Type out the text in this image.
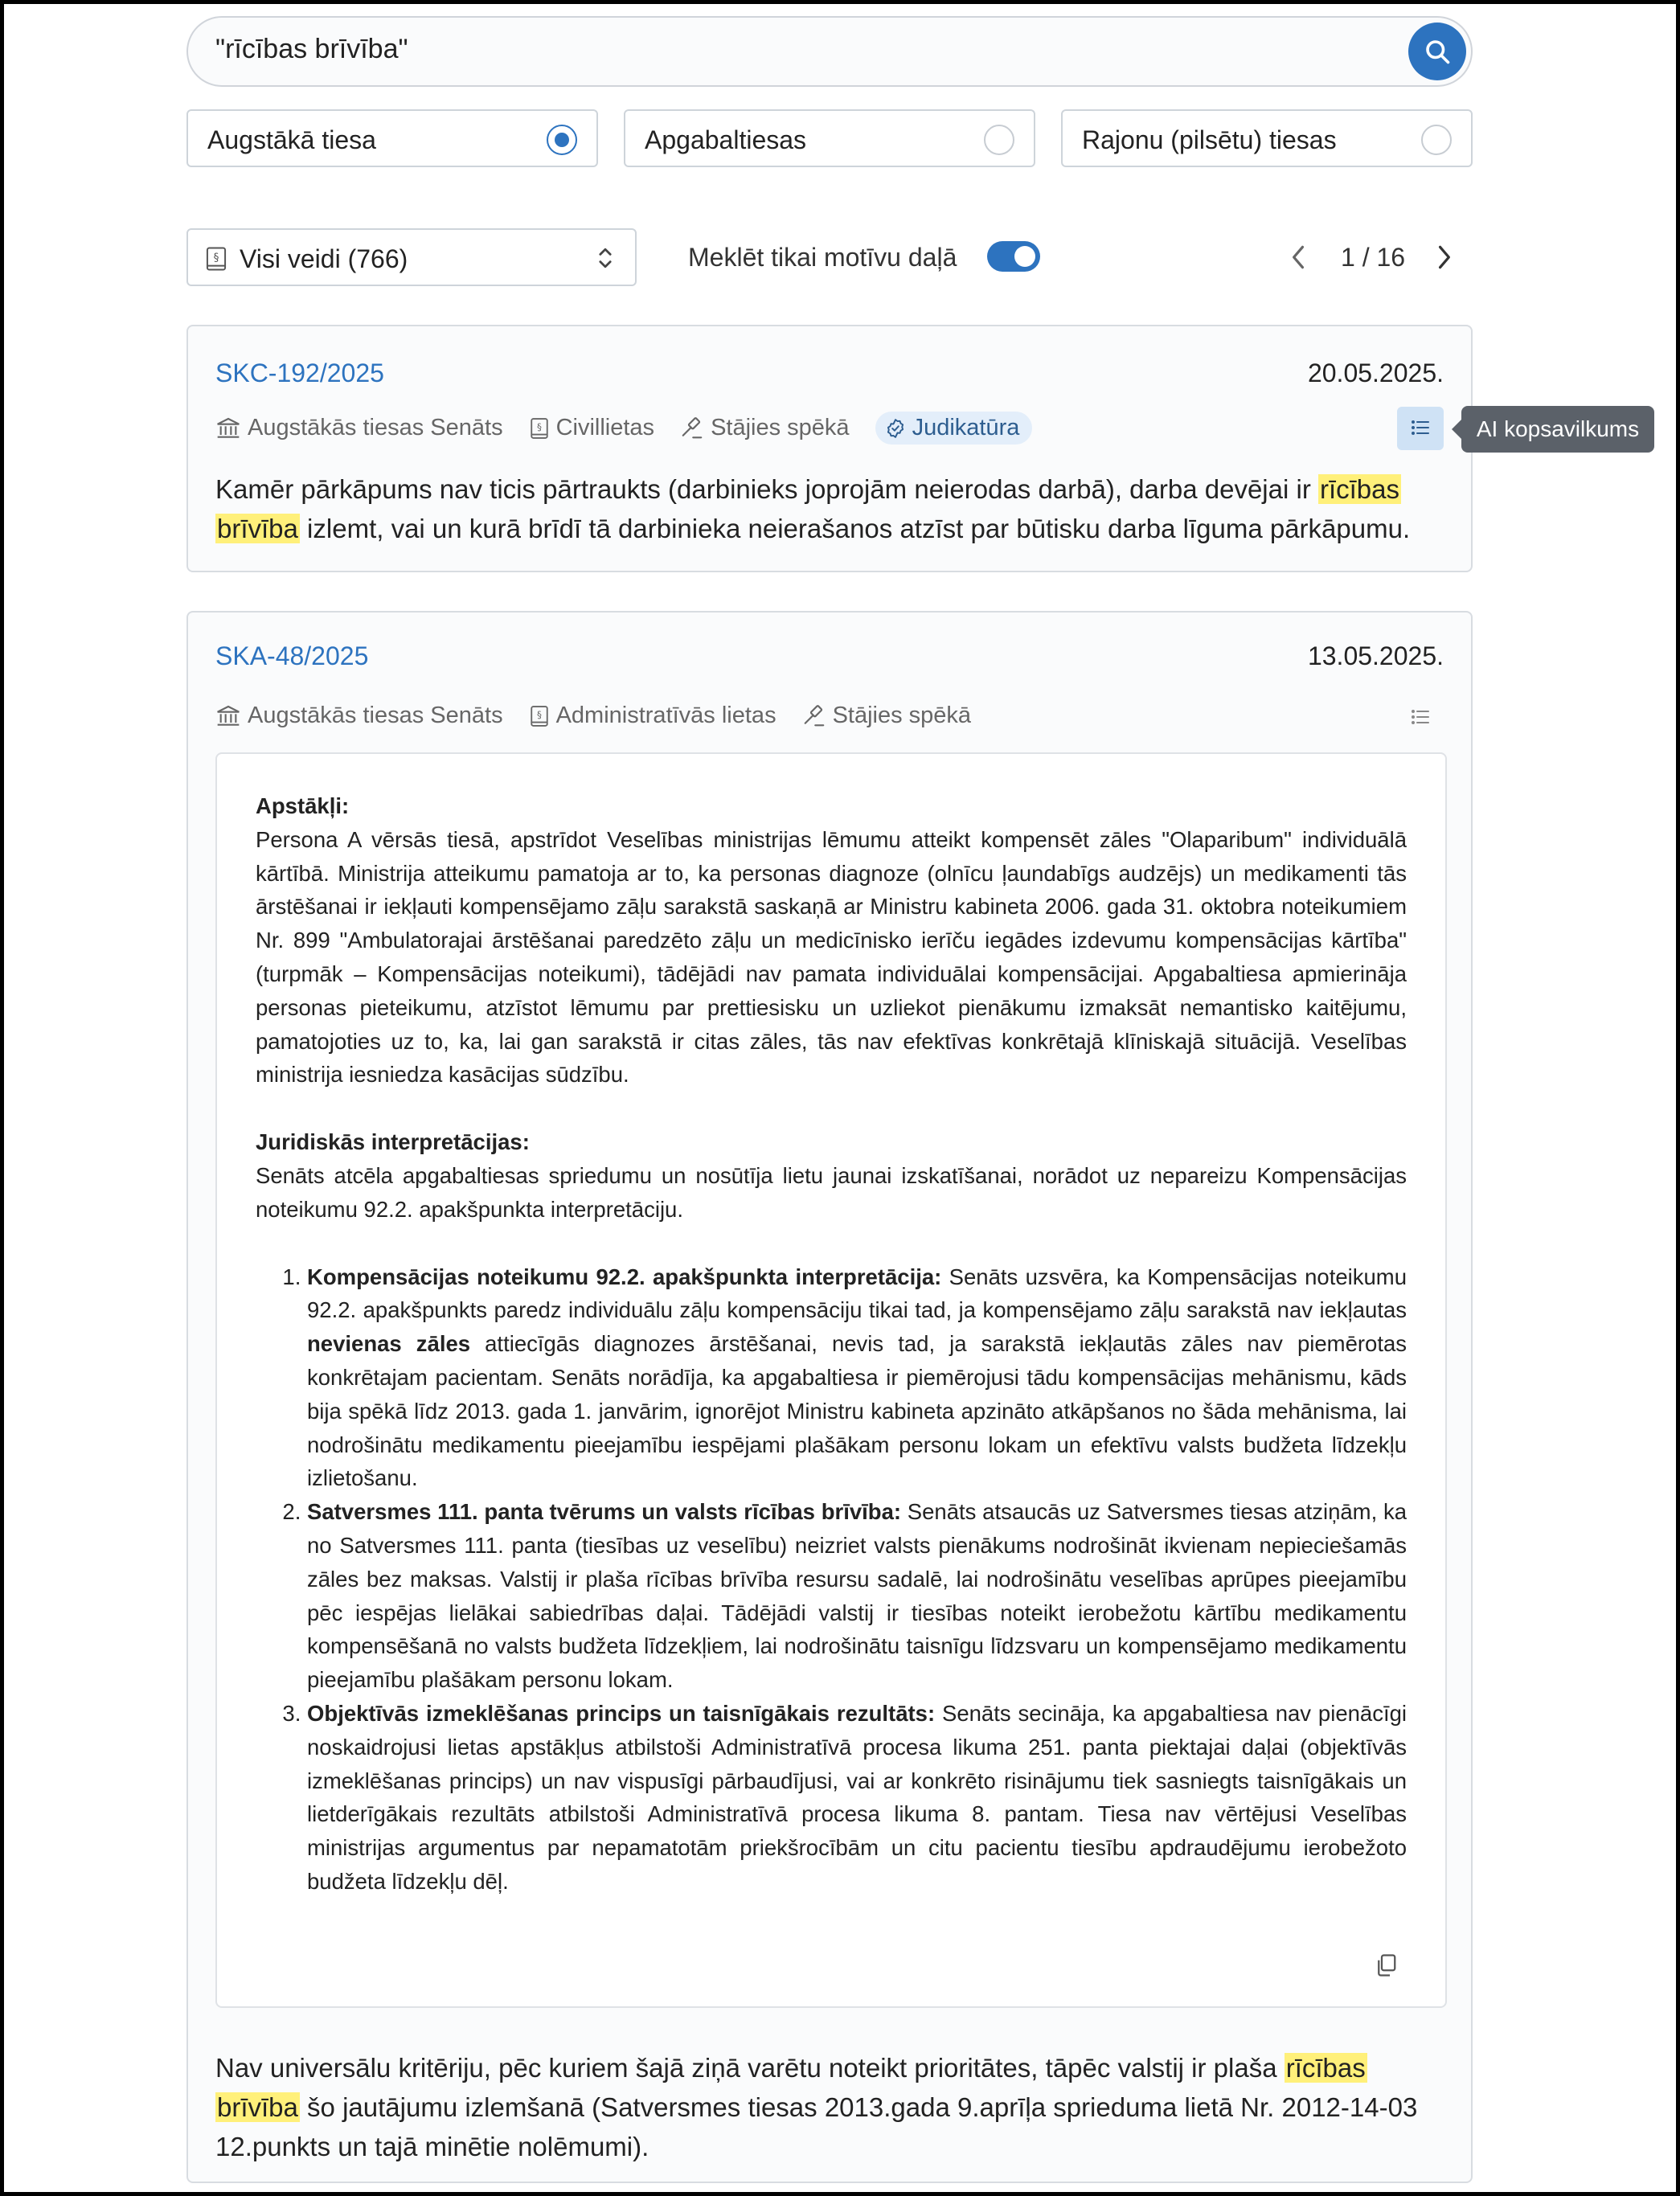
"rīcības brīvība"
Augstākā tiesa	Apgabaltiesas	Rajonu (pilsētu) tiesas
§ Visi veidi (766)	Meklēt tikai motīvu daļā	1 / 16
SKC-192/2025	20.05.2025.
Augstākās tiesas Senāts	§ Civillietas Stājies spēkā	Judikatūra
Kamēr pārkāpums nav ticis pārtraukts (darbinieks joprojām neierodas darbā), darba devējai ir rīcības brīvība izlemt, vai un kurā brīdī tā darbinieka neierašanos atzīst par būtisku darba līguma pārkāpumu.
AI kopsavilkums
SKA-48/2025	13.05.2025.
Augstākās tiesas Senāts	§ Administratīvās lietas Stājies spēkā

Apstākļi:

Persona A vērsās tiesā, apstrīdot Veselības ministrijas lēmumu atteikt kompensēt zāles "Olaparibum" individuālā kārtībā. Ministrija atteikumu pamatoja ar to, ka personas diagnoze (olnīcu ļaundabīgs audzējs) un medikamenti tās ārstēšanai ir iekļauti kompensējamo zāļu sarakstā saskaņā ar Ministru kabineta 2006. gada 31. oktobra noteikumiem Nr. 899 "Ambulatorajai ārstēšanai paredzēto zāļu un medicīnisko ierīču iegādes izdevumu kompensācijas kārtība" (turpmāk – Kompensācijas noteikumi), tādējādi nav pamata individuālai kompensācijai. Apgabaltiesa apmierināja personas pieteikumu, atzīstot lēmumu par prettiesisku un uzliekot pienākumu izmaksāt nemantisko kaitējumu, pamatojoties uz to, ka, lai gan sarakstā ir citas zāles, tās nav efektīvas konkrētajā klīniskajā situācijā. Veselības ministrija iesniedza kasācijas sūdzību.

Juridiskās interpretācijas:

Senāts atcēla apgabaltiesas spriedumu un nosūtīja lietu jaunai izskatīšanai, norādot uz nepareizu Kompensācijas noteikumu 92.2. apakšpunkta interpretāciju.

1. Kompensācijas noteikumu 92.2. apakšpunkta interpretācija: Senāts uzsvēra, ka Kompensācijas noteikumu 92.2. apakšpunkts paredz individuālu zāļu kompensāciju tikai tad, ja kompensējamo zāļu sarakstā nav iekļautas nevienas zāles attiecīgās diagnozes ārstēšanai, nevis tad, ja sarakstā iekļautās zāles nav piemērotas konkrētajam pacientam. Senāts norādīja, ka apgabaltiesa ir piemērojusi tādu kompensācijas mehānismu, kāds bija spēkā līdz 2013. gada 1. janvārim, ignorējot Ministru kabineta apzināto atkāpšanos no šāda mehānisma, lai nodrošinātu medikamentu pieejamību iespējami plašākam personu lokam un efektīvu valsts budžeta līdzekļu izlietošanu.
2. Satversmes 111. panta tvērums un valsts rīcības brīvība: Senāts atsaucās uz Satversmes tiesas atziņām, ka no Satversmes 111. panta (tiesības uz veselību) neizriet valsts pienākums nodrošināt ikvienam nepieciešamās zāles bez maksas. Valstij ir plaša rīcības brīvība resursu sadalē, lai nodrošinātu veselības aprūpes pieejamību pēc iespējas lielākai sabiedrības daļai. Tādējādi valstij ir tiesības noteikt ierobežotu kārtību medikamentu kompensēšanā no valsts budžeta līdzekļiem, lai nodrošinātu taisnīgu līdzsvaru un kompensējamo medikamentu pieejamību plašākam personu lokam.
3. Objektīvās izmeklēšanas princips un taisnīgākais rezultāts: Senāts secināja, ka apgabaltiesa nav pienācīgi noskaidrojusi lietas apstākļus atbilstoši Administratīvā procesa likuma 251. panta piektajai daļai (objektīvās izmeklēšanas princips) un nav vispusīgi pārbaudījusi, vai ar konkrēto risinājumu tiek sasniegts taisnīgākais un lietderīgākais rezultāts atbilstoši Administratīvā procesa likuma 8. pantam. Tiesa nav vērtējusi Veselības ministrijas argumentus par nepamatotām priekšrocībām un citu pacientu tiesību apdraudējumu ierobežoto budžeta līdzekļu dēļ.
Nav universālu kritēriju, pēc kuriem šajā ziņā varētu noteikt prioritātes, tāpēc valstij ir plaša rīcības brīvība šo jautājumu izlemšanā (Satversmes tiesas 2013.gada 9.aprīļa sprieduma lietā Nr. 2012-14-03 12.punkts un tajā minētie nolēmumi).
